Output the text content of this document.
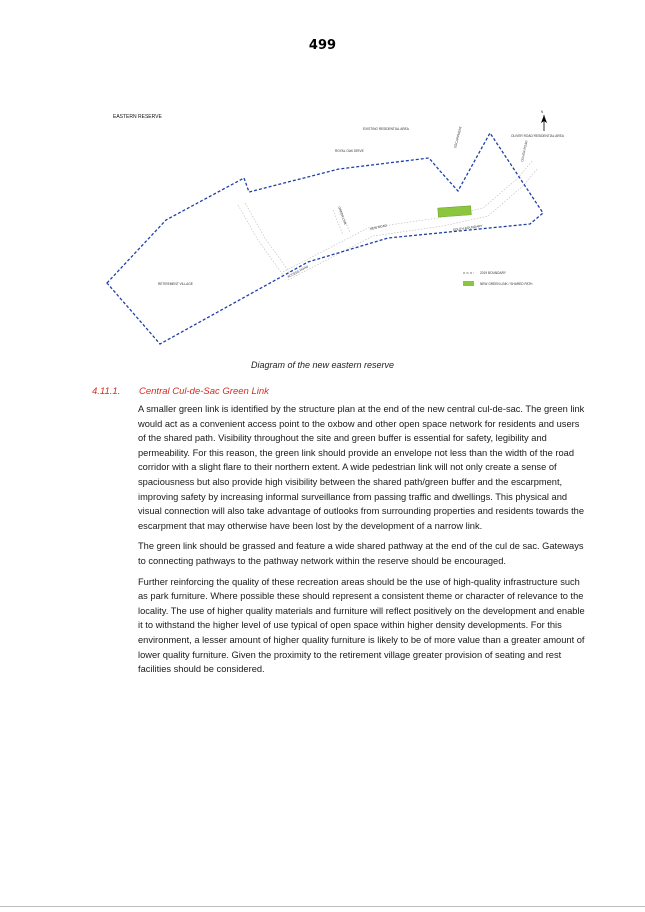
499
EASTERN RESERVE
N
EXISTING RESIDENTIAL AREA
ROYAL OAK DRIVE
OLIVER ROAD RESIDENTIAL AREA
RETIREMENT VILLAGE
ESCARPMENT
GREEN LINK
NEW ROAD	SOUTH BOUNDARY
OLIVER ROAD
ACCESS ROAD	2019 BOUNDARY
NEW GREEN LINK / SHARED PATH
Diagram of the new eastern reserve
4.11.1. Central Cul-de-Sac Green Link

A smaller green link is identified by the structure plan at the end of the new central cul-de-sac. The green link would act as a convenient access point to the oxbow and other open space network for residents and users of the shared path. Visibility throughout the site and green buffer is essential for safety, legibility and permeability. For this reason, the green link should provide an envelope not less than the width of the road corridor with a slight flare to their northern extent. A wide pedestrian link will not only create a sense of spaciousness but also provide high visibility between the shared path/green buffer and the escarpment, improving safety by increasing informal surveillance from passing traffic and dwellings. This physical and visual connection will also take advantage of outlooks from surrounding properties and residents towards the escarpment that may otherwise have been lost by the development of a narrow link.

The green link should be grassed and feature a wide shared pathway at the end of the cul de sac. Gateways to connecting pathways to the pathway network within the reserve should be encouraged.

Further reinforcing the quality of these recreation areas should be the use of high-quality infrastructure such as park furniture. Where possible these should represent a consistent theme or character of relevance to the locality. The use of higher quality materials and furniture will reflect positively on the development and enable it to withstand the higher level of use typical of open space within higher density developments. For this environment, a lesser amount of higher quality furniture is likely to be of more value than a greater amount of lower quality furniture. Given the proximity to the retirement village greater provision of seating and rest facilities should be considered.
